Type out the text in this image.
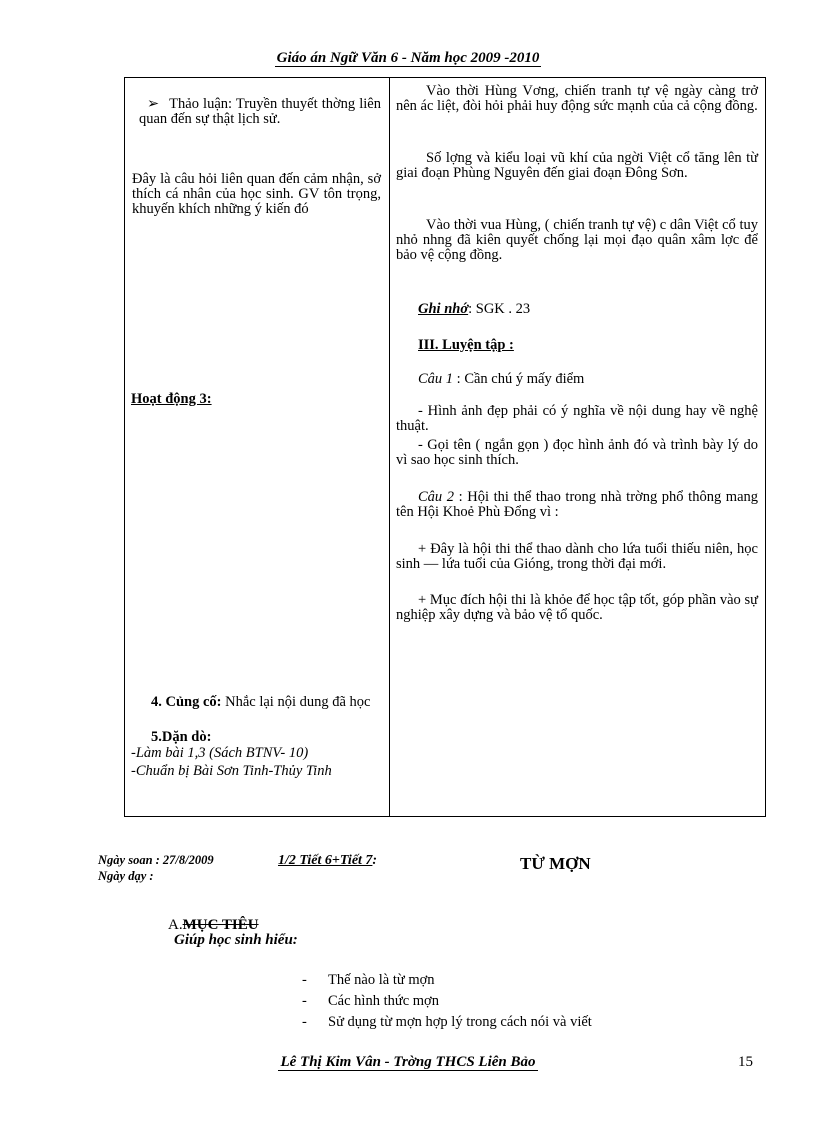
Giáo án Ngữ Văn 6 - Năm học 2009 -2010
➢ Thảo luận: Truyền thuyết thờng liên quan đến sự thật lịch sử.
Đây là câu hỏi liên quan đến cảm nhận, sở thích cá nhân của học sinh. GV tôn trọng, khuyến khích những ý kiến đó
Hoạt động 3:
4. Củng cố: Nhắc lại nội dung đã học
5.Dặn dò:
-Làm bài 1,3 (Sách BTNV- 10)
-Chuẩn bị Bài Sơn Tinh-Thủy Tinh
Vào thời Hùng Vơng, chiến tranh tự vệ ngày càng trở nên ác liệt, đòi hỏi phải huy động sức mạnh của cả cộng đồng.
Số lợng và kiểu loại vũ khí của ngời Việt cổ tăng lên từ giai đoạn Phùng Nguyên đến giai đoạn Đông Sơn.
Vào thời vua Hùng, ( chiến tranh tự vệ) c dân Việt cổ tuy nhỏ nhng đã kiên quyết chống lại mọi đạo quân xâm lợc để bảo vệ cộng đồng.
Ghi nhớ: SGK . 23
III. Luyện tập :
Câu 1 : Cần chú ý mấy điểm
- Hình ảnh đẹp phải có ý nghĩa về nội dung hay về nghệ thuật.
- Gọi tên ( ngắn gọn ) đọc hình ảnh đó và trình bày lý do vì sao học sinh thích.
Câu 2 : Hội thi thể thao trong nhà trờng phổ thông mang tên Hội Khoẻ Phù Đổng vì :
+ Đây là hội thi thể thao dành cho lứa tuổi thiếu niên, học sinh — lứa tuổi của Gióng, trong thời đại mới.
+ Mục đích hội thi là khỏe để học tập tốt, góp phần vào sự nghiệp xây dựng và bảo vệ tổ quốc.
Ngày soan : 27/8/2009
Ngày dạy :
1/2 Tiết 6+Tiết 7:	TỪ MỢN
A.MỤC TIÊU
Giúp học sinh hiểu:
- Thế nào là từ mợn
- Các hình thức mợn
- Sử dụng từ mợn hợp lý trong cách nói và viết
Lê Thị Kim Vân - Trờng THCS Liên Bảo	15
